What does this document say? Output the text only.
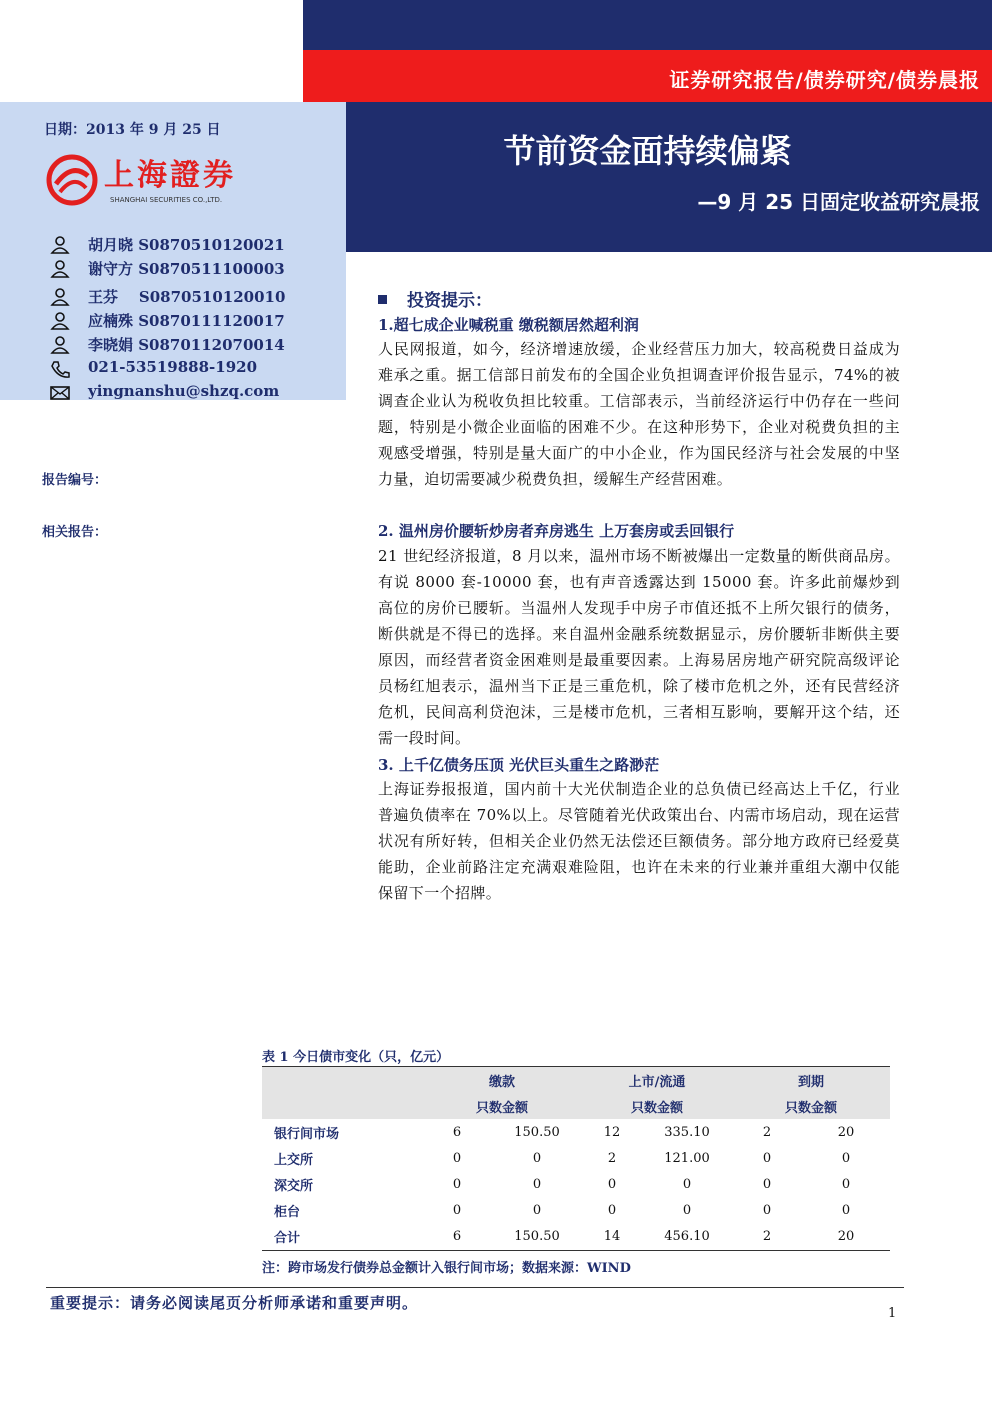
证券研究报告/债券研究/债券晨报
节前资金面持续偏紧
—9 月 25 日固定收益研究晨报
日期：2013 年 9 月 25 日
上海證券
SHANGHAI SECURITIES CO.,LTD.
胡月晓 S0870510120021
谢守方 S0870511100003
王芬    S0870510120010
应楠殊 S0870111120017
李晓娟 S0870112070014
021-53519888-1920
yingnanshu@shzq.com
报告编号：
相关报告：
投资提示：
1.超七成企业喊税重 缴税额居然超利润
人民网报道，如今，经济增速放缓，企业经营压力加大，较高税费日益成为难承之重。据工信部日前发布的全国企业负担调查评价报告显示，74%的被调查企业认为税收负担比较重。工信部表示，当前经济运行中仍存在一些问题，特别是小微企业面临的困难不少。在这种形势下，企业对税费负担的主观感受增强，特别是量大面广的中小企业，作为国民经济与社会发展的中坚力量，迫切需要减少税费负担，缓解生产经营困难。
2. 温州房价腰斩炒房者弃房逃生 上万套房或丢回银行
21 世纪经济报道，8 月以来，温州市场不断被爆出一定数量的断供商品房。有说 8000 套-10000 套，也有声音透露达到 15000 套。许多此前爆炒到高位的房价已腰斩。当温州人发现手中房子市值还抵不上所欠银行的债务，断供就是不得已的选择。来自温州金融系统数据显示，房价腰斩非断供主要原因，而经营者资金困难则是最重要因素。上海易居房地产研究院高级评论员杨红旭表示，温州当下正是三重危机，除了楼市危机之外，还有民营经济危机，民间高利贷泡沫，三是楼市危机，三者相互影响，要解开这个结，还需一段时间。
3. 上千亿债务压顶 光伏巨头重生之路渺茫
上海证券报报道，国内前十大光伏制造企业的总负债已经高达上千亿，行业普遍负债率在 70%以上。尽管随着光伏政策出台、内需市场启动，现在运营状况有所好转，但相关企业仍然无法偿还巨额债务。部分地方政府已经爱莫能助，企业前路注定充满艰难险阻，也许在未来的行业兼并重组大潮中仅能保留下一个招牌。
表 1 今日债市变化（只，亿元）
	缴款		上市/流通		到期	
	只数金额		只数金额		只数金额	
银行间市场	6	150.50	12	335.10	2	20
上交所	0	0	2	121.00	0	0
深交所	0	0	0	0	0	0
柜台	0	0	0	0	0	0
合计	6	150.50	14	456.10	2	20
注：跨市场发行债券总金额计入银行间市场；数据来源：WIND
重要提示：请务必阅读尾页分析师承诺和重要声明。
1
